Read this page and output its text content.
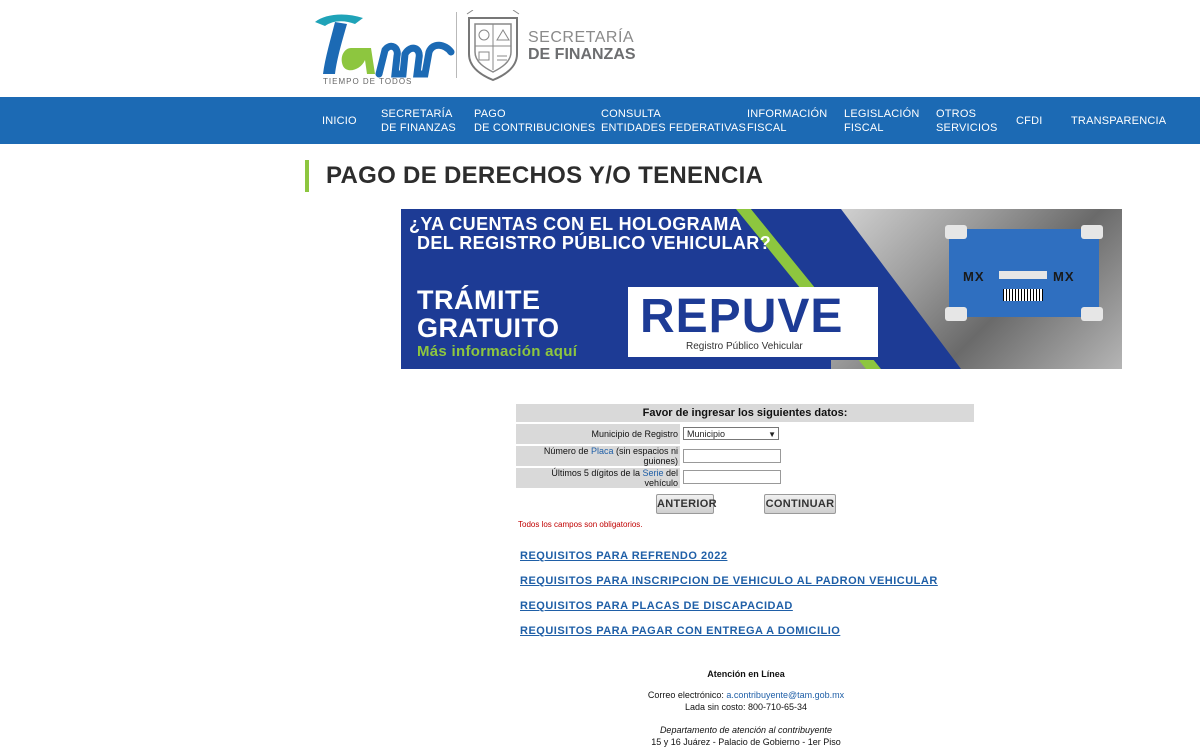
TIEMPO DE TODOS
SECRETARÍA
DE FINANZAS
INICIO
SECRETARÍA
DE FINANZAS
PAGO
DE CONTRIBUCIONES
CONSULTA
ENTIDADES FEDERATIVAS
INFORMACIÓN
FISCAL
LEGISLACIÓN
FISCAL
OTROS
SERVICIOS
CFDI	TRANSPARENCIA
PAGO DE DERECHOS Y/O TENENCIA
¿YA CUENTAS CON EL HOLOGRAMA
DEL REGISTRO PÚBLICO VEHICULAR?
TRÁMITE
GRATUITO
Más información aquí
REPUVE
Registro Público Vehicular
MX	MX
Favor de ingresar los siguientes datos:
Municipio de Registro	Municipio	▼
Número de Placa (sin espacios ni guiones)
Últimos 5 dígitos de la Serie del vehículo
ANTERIOR	CONTINUAR
Todos los campos son obligatorios.
REQUISITOS PARA REFRENDO 2022
REQUISITOS PARA INSCRIPCION DE VEHICULO AL PADRON VEHICULAR
REQUISITOS PARA PLACAS DE DISCAPACIDAD
REQUISITOS PARA PAGAR CON ENTREGA A DOMICILIO
Atención en Línea
Correo electrónico: a.contribuyente@tam.gob.mx
Lada sin costo: 800-710-65-34
Departamento de atención al contribuyente
15 y 16 Juárez - Palacio de Gobierno - 1er Piso
